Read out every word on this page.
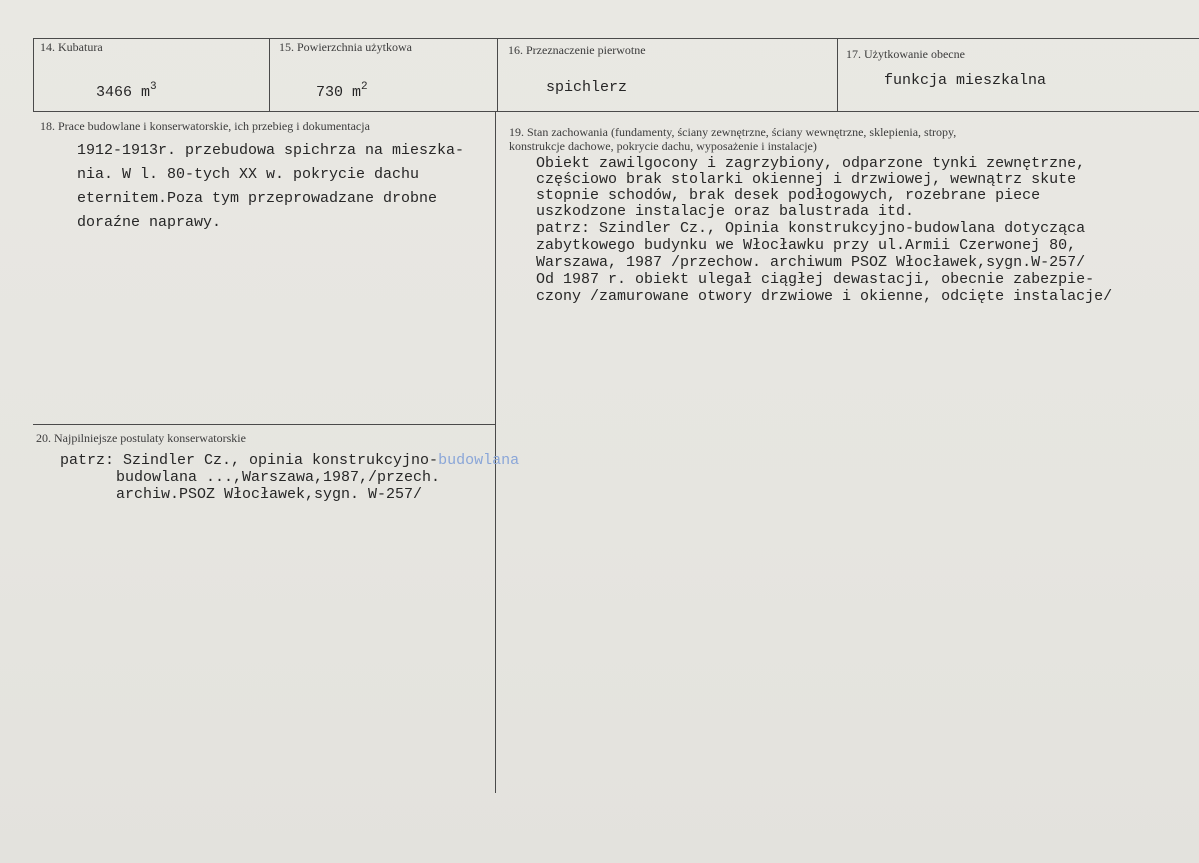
14. Kubatura
3466 $m^3$
15. Powierzchnia użytkowa
730 $m^2$
16. Przeznaczenie pierwotne
spichlerz
17. Użytkowanie obecne
funkcja mieszkalna
18. Prace budowlane i konserwatorskie, ich przebieg i dokumentacja
1912-1913r. przebudowa spichrza na mieszka-
nia. W l. 80-tych XX w. pokrycie dachu
eternitem.Poza tym przeprowadzane drobne
doraźne naprawy.
19. Stan zachowania (fundamenty, ściany zewnętrzne, ściany wewnętrzne, sklepienia, stropy,
konstrukcje dachowe, pokrycie dachu, wyposażenie i instalacje)
Obiekt zawilgocony i zagrzybiony, odparzone tynki zewnętrzne,
częściowo brak stolarki okiennej i drzwiowej, wewnątrz skute
stopnie schodów, brak desek podłogowych, rozebrane piece
uszkodzone instalacje oraz balustrada itd.
patrz: Szindler Cz., Opinia konstrukcyjno-budowlana dotycząca
zabytkowego budynku we Włocławku przy ul.Armii Czerwonej 80,
Warszawa, 1987 /przechow. archiwum PSOZ Włocławek,sygn.W-257/
Od 1987 r. obiekt ulegał ciągłej dewastacji, obecnie zabezpie-
czony /zamurowane otwory drzwiowe i okienne, odcięte instalacje/
20. Najpilniejsze postulaty konserwatorskie
patrz: Szindler Cz., opinia konstrukcyjno-budowlana
budowlana ...,Warszawa,1987,/przech.
archiw.PSOZ Włocławek,sygn. W-257/
